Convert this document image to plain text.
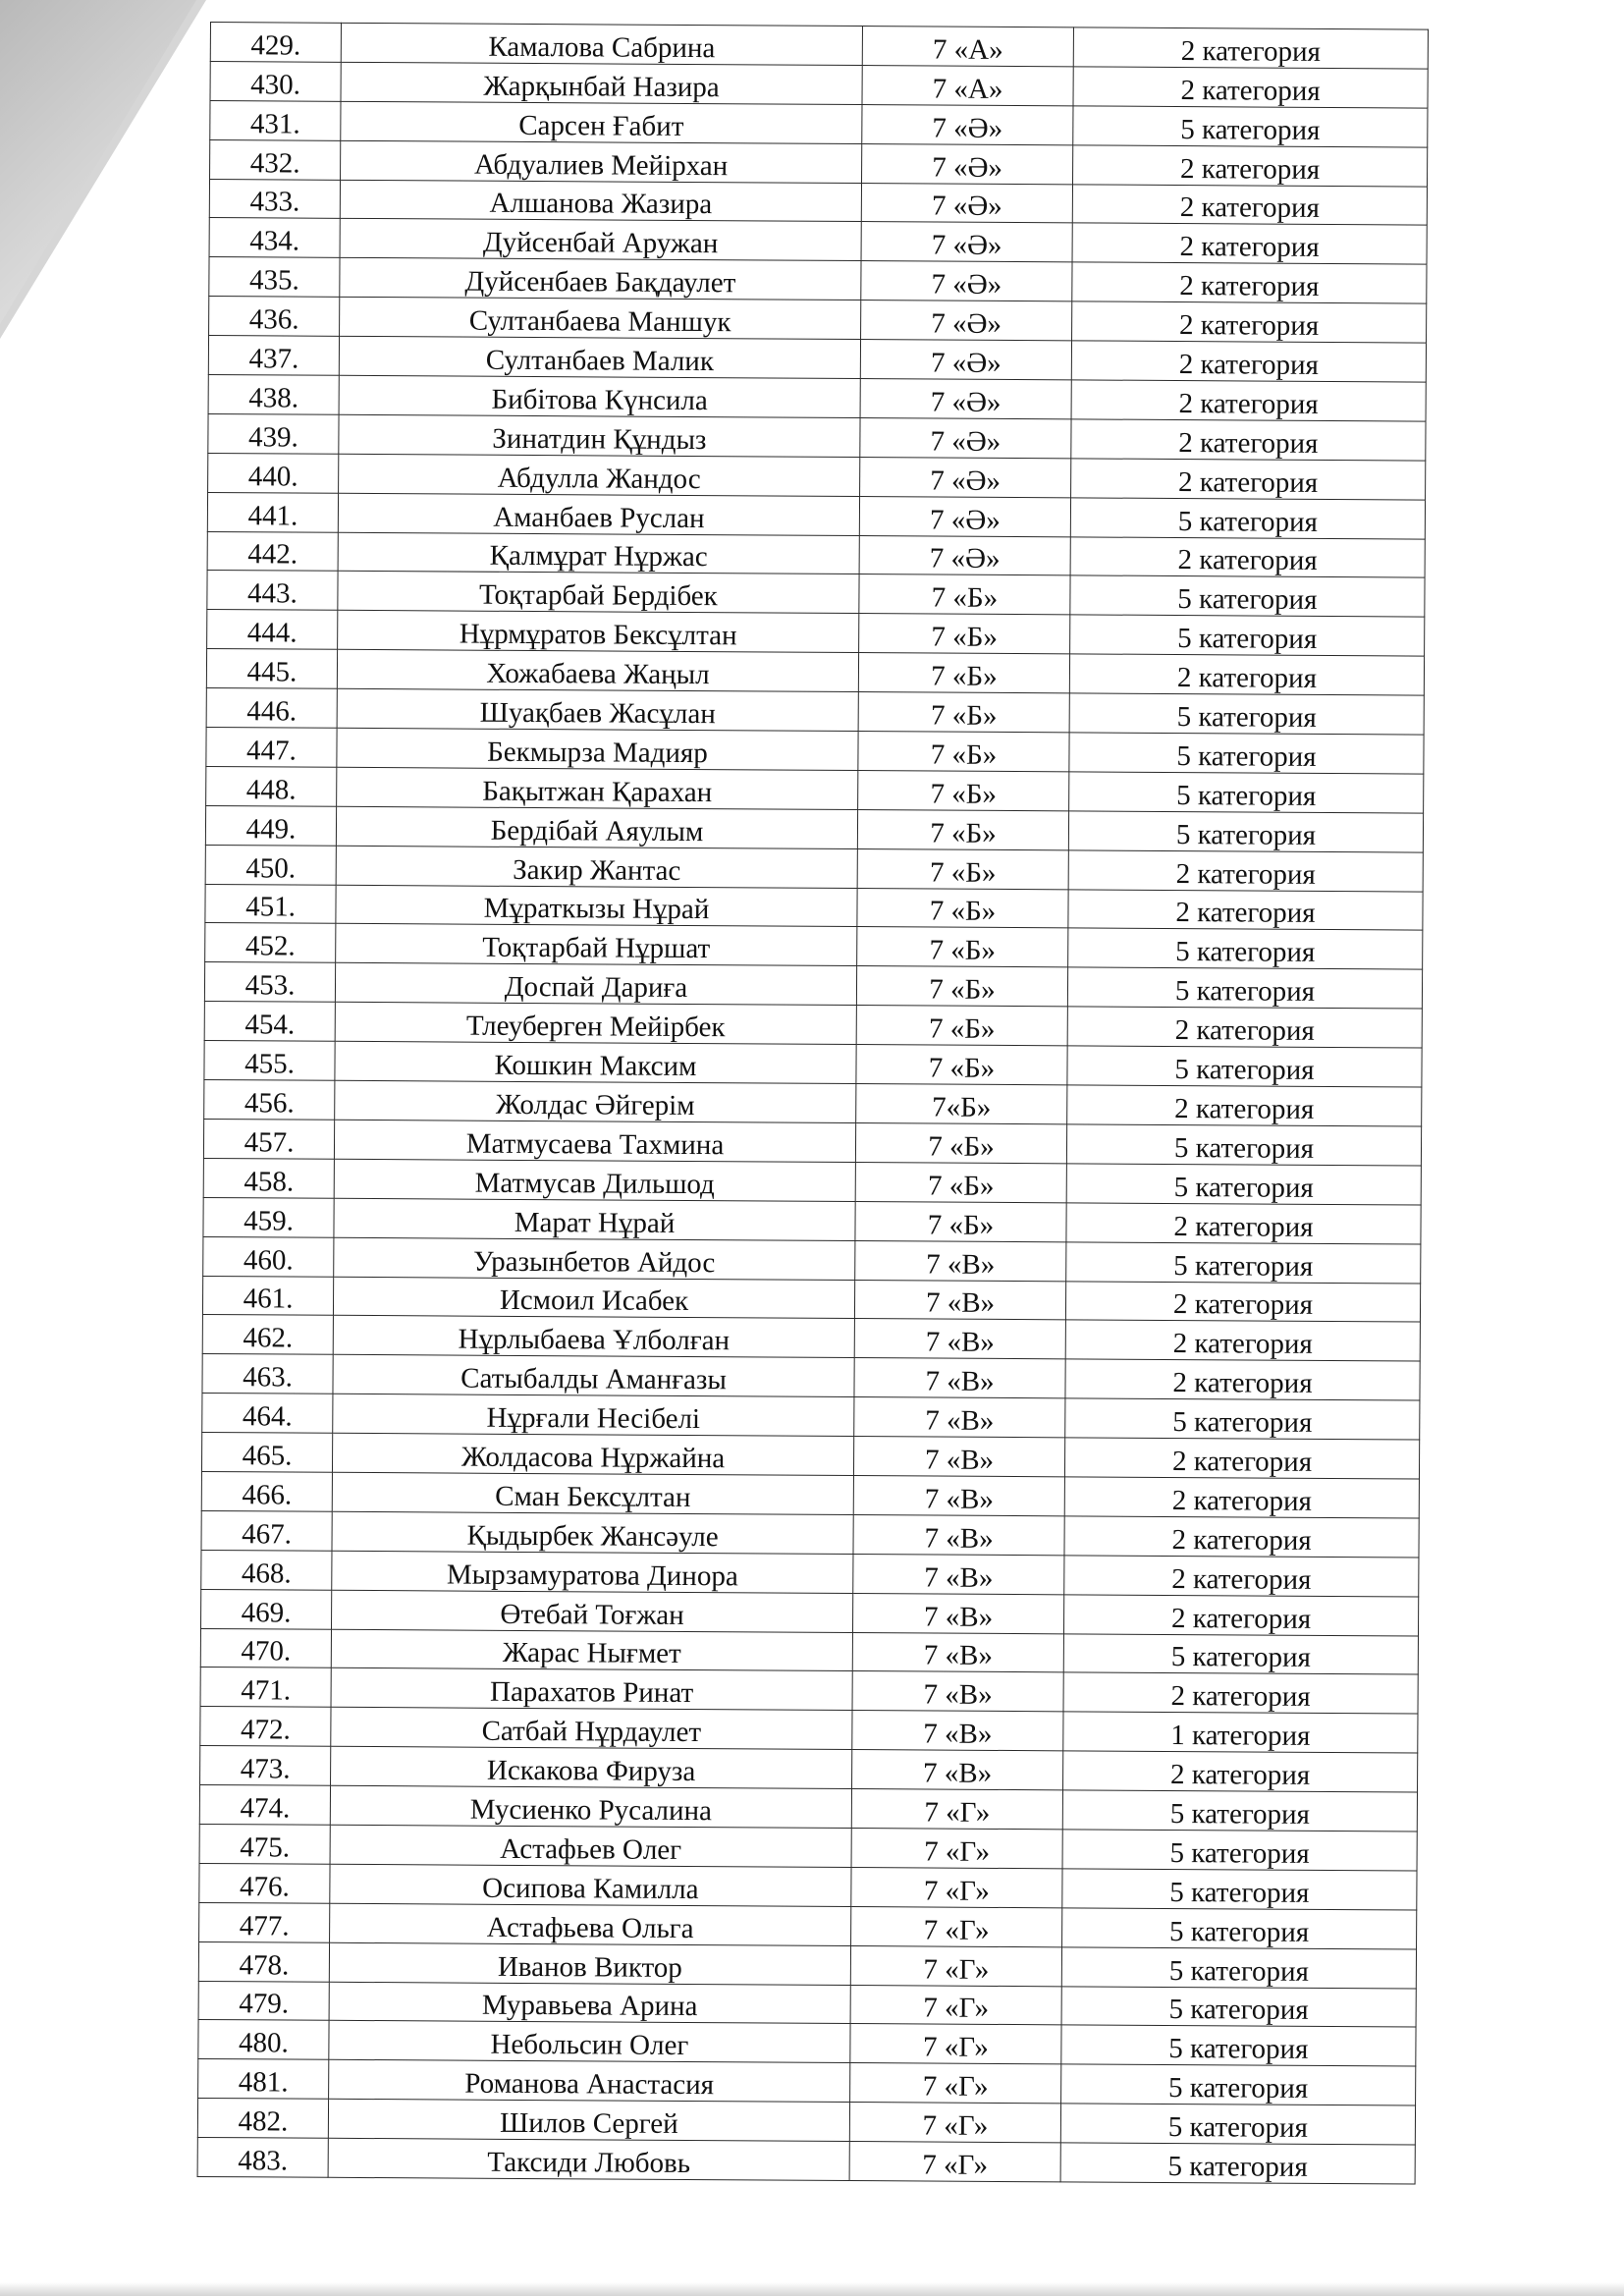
429.	Камалова Сабрина	7 «А»	2 категория
430.	Жарқынбай Назира	7 «А»	2 категория
431.	Сарсен Ғабит	7 «Ә»	5 категория
432.	Абдуалиев Мейірхан	7 «Ә»	2 категория
433.	Алшанова Жазира	7 «Ә»	2 категория
434.	Дуйсенбай Аружан	7 «Ә»	2 категория
435.	Дуйсенбаев Бақдаулет	7 «Ә»	2 категория
436.	Султанбаева Маншук	7 «Ә»	2 категория
437.	Султанбаев Малик	7 «Ә»	2 категория
438.	Бибітова Күнсила	7 «Ә»	2 категория
439.	Зинатдин Құндыз	7 «Ә»	2 категория
440.	Абдулла Жандос	7 «Ә»	2 категория
441.	Аманбаев Руслан	7 «Ә»	5 категория
442.	Қалмұрат Нұржас	7 «Ә»	2 категория
443.	Тоқтарбай Бердібек	7 «Б»	5 категория
444.	Нұрмұратов Бексұлтан	7 «Б»	5 категория
445.	Хожабаева Жаңыл	7 «Б»	2 категория
446.	Шуақбаев Жасұлан	7 «Б»	5 категория
447.	Бекмырза Мадияр	7 «Б»	5 категория
448.	Бақытжан Қарахан	7 «Б»	5 категория
449.	Бердібай Аяулым	7 «Б»	5 категория
450.	Закир Жантас	7 «Б»	2 категория
451.	Мұраткызы Нұрай	7 «Б»	2 категория
452.	Тоқтарбай Нұршат	7 «Б»	5 категория
453.	Доспай Дариға	7 «Б»	5 категория
454.	Тлеуберген Мейірбек	7 «Б»	2 категория
455.	Кошкин Максим	7 «Б»	5 категория
456.	Жолдас Әйгерім	7«Б»	2 категория
457.	Матмусаева Тахмина	7 «Б»	5 категория
458.	Матмусав Дильшод	7 «Б»	5 категория
459.	Марат Нұрай	7 «Б»	2 категория
460.	Уразынбетов Айдос	7 «В»	5 категория
461.	Исмоил Исабек	7 «В»	2 категория
462.	Нұрлыбаева Ұлболған	7 «В»	2 категория
463.	Сатыбалды Аманғазы	7 «В»	2 категория
464.	Нұрғали Несібелі	7 «В»	5 категория
465.	Жолдасова Нұржайна	7 «В»	2 категория
466.	Сман Бексұлтан	7 «В»	2 категория
467.	Қыдырбек Жансәуле	7 «В»	2 категория
468.	Мырзамуратова Динора	7 «В»	2 категория
469.	Өтебай Тоғжан	7 «В»	2 категория
470.	Жарас Нығмет	7 «В»	5 категория
471.	Парахатов Ринат	7 «В»	2 категория
472.	Сатбай Нұрдаулет	7 «В»	1 категория
473.	Искакова Фируза	7 «В»	2 категория
474.	Мусиенко Русалина	7 «Г»	5 категория
475.	Астафьев Олег	7 «Г»	5 категория
476.	Осипова Камилла	7 «Г»	5 категория
477.	Астафьева Ольга	7 «Г»	5 категория
478.	Иванов Виктор	7 «Г»	5 категория
479.	Муравьева Арина	7 «Г»	5 категория
480.	Небольсин Олег	7 «Г»	5 категория
481.	Романова Анастасия	7 «Г»	5 категория
482.	Шилов Сергей	7 «Г»	5 категория
483.	Таксиди Любовь	7 «Г»	5 категория
